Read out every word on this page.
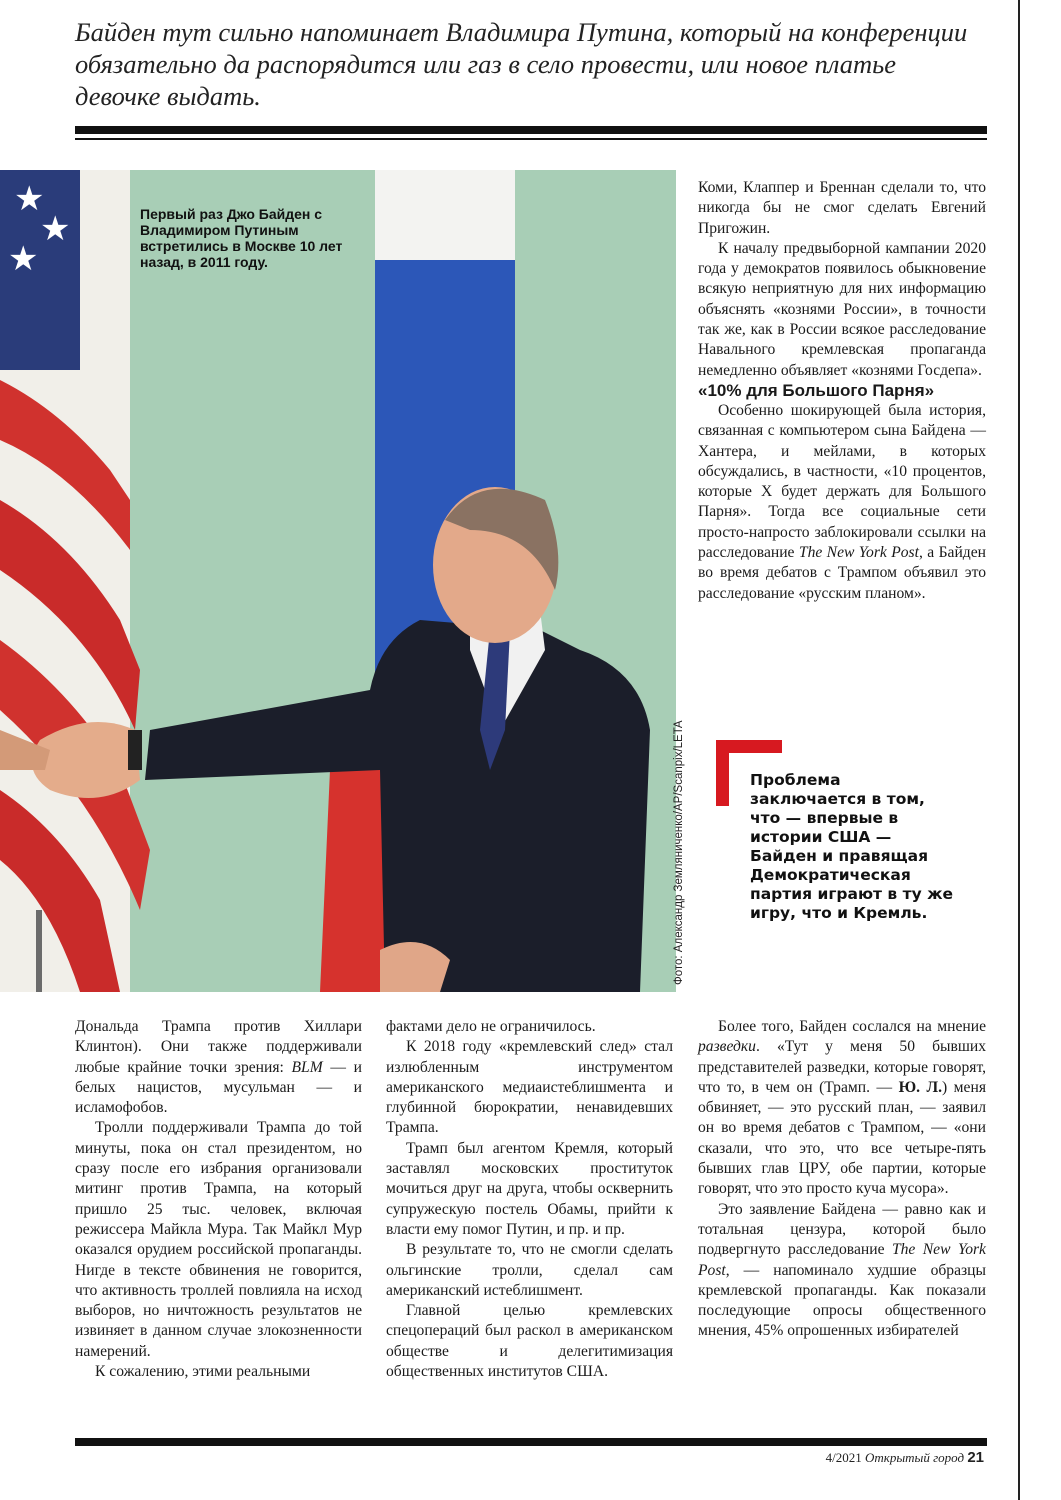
Байден тут сильно напоминает Владимира Путина, который на конференции обязательно да распорядится или газ в село провести, или новое платье девочке выдать.

★
★
★

Первый раз Джо Байден с Владимиром Путиным встретились в Москве 10 лет назад, в 2011 году.

Фото: Александр Земляниченко/AP/Scanpix/LETA

Коми, Клаппер и Бреннан сделали то, что никогда бы не смог сделать Евгений Пригожин.

К началу предвыборной кампании 2020 года у демократов появилось обыкновение всякую неприятную для них информацию объяснять «кознями России», в точности так же, как в России всякое расследование Навального кремлевская пропаганда немедленно объявляет «кознями Госдепа».

«10% для Большого Парня»

Особенно шокирующей была история, связанная с компьютером сына Байдена — Хантера, и мейлами, в которых обсуждались, в частности, «10 процентов, которые Х будет держать для Большого Парня». Тогда все социальные сети просто-напросто заблокировали ссылки на расследование The New York Post, а Байден во время дебатов с Трампом объявил это расследование «русским планом».

Проблема заключается в том, что — впервые в истории США — Байден и правящая Демократическая партия играют в ту же игру, что и Кремль.

Дональда Трампа против Хиллари Клинтон). Они также поддерживали любые крайние точки зрения: BLM — и белых нацистов, мусульман — и исламофобов.

Тролли поддерживали Трампа до той минуты, пока он стал президентом, но сразу после его избрания организовали митинг против Трампа, на который пришло 25 тыс. человек, включая режиссера Майкла Мура. Так Майкл Мур оказался орудием российской пропаганды. Нигде в тексте обвинения не говорится, что активность троллей повлияла на исход выборов, но ничтожность результатов не извиняет в данном случае злокозненности намерений.

К сожалению, этими реальными

фактами дело не ограничилось.

К 2018 году «кремлевский след» стал излюбленным инструментом американского медиаистеблишмента и глубинной бюрократии, ненавидевших Трампа.

Трамп был агентом Кремля, который заставлял московских проституток мочиться друг на друга, чтобы осквернить супружескую постель Обамы, прийти к власти ему помог Путин, и пр. и пр.

В результате то, что не смогли сделать ольгинские тролли, сделал сам американский истеблишмент.

Главной целью кремлевских спецопераций был раскол в американском обществе и делегитимизация общественных институтов США.

Более того, Байден сослался на мнение разведки. «Тут у меня 50 бывших представителей разведки, которые говорят, что то, в чем он (Трамп. — Ю. Л.) меня обвиняет, — это русский план, — заявил он во время дебатов с Трампом, — «они сказали, что это, что все четыре-пять бывших глав ЦРУ, обе партии, которые говорят, что это просто куча мусора».

Это заявление Байдена — равно как и тотальная цензура, которой было подвергнуто расследование The New York Post, — напоминало худшие образцы кремлевской пропаганды. Как показали последующие опросы общественного мнения, 45% опрошенных избирателей

4/2021 Открытый город 21
